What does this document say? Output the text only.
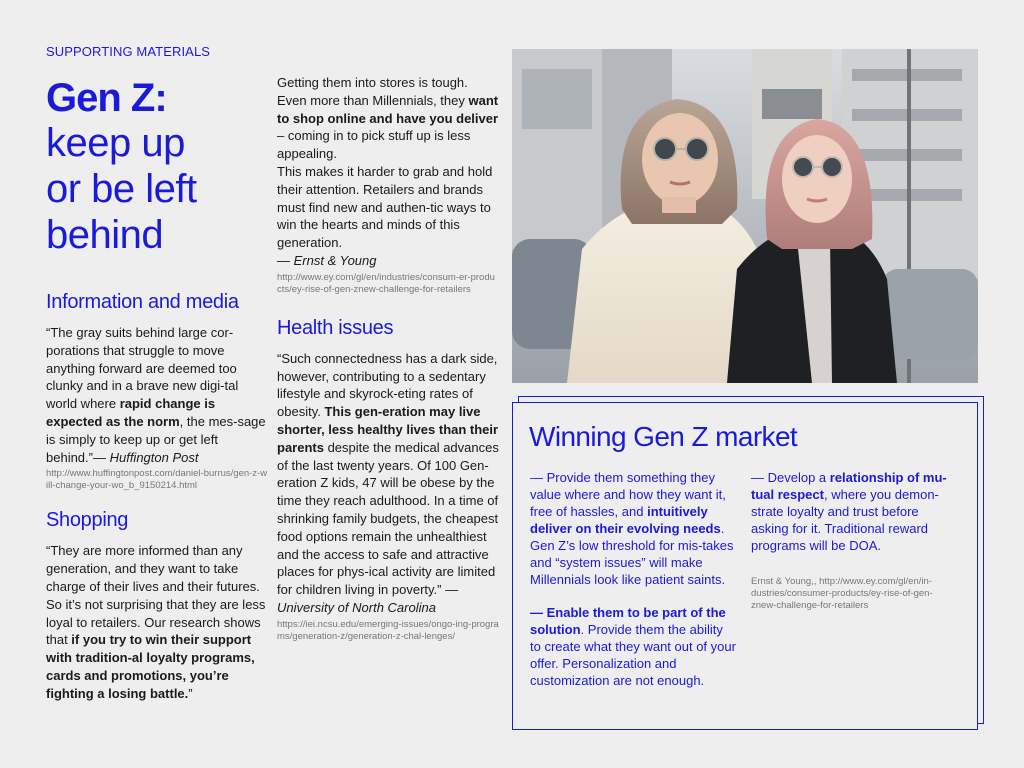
SUPPORTING MATERIALS
Gen Z:
keep up
or be left
behind
Information and media

“The gray suits behind large cor-porations that struggle to move anything forward are deemed too clunky and in a brave new digi-tal world where rapid change is expected as the norm, the mes-sage is simply to keep up or get left behind.”— Huffington Post

http://www.huffingtonpost.com/daniel-burrus/gen-z-will-change-your-wo_b_9150214.html
Shopping

“They are more informed than any generation, and they want to take charge of their lives and their futures. So it’s not surprising that they are less loyal to retailers. Our research shows that if you try to win their support with tradition-al loyalty programs, cards and promotions, you’re fighting a losing battle.”

Getting them into stores is tough. Even more than Millennials, they want to shop online and have you deliver – coming in to pick stuff up is less appealing.

This makes it harder to grab and hold their attention. Retailers and brands must find new and authen-tic ways to win the hearts and minds of this generation.

— Ernst & Young

http://www.ey.com/gl/en/industries/consum-er-products/ey-rise-of-gen-znew-challenge-for-retailers
Health issues

“Such connectedness has a dark side, however, contributing to a sedentary lifestyle and skyrock-eting rates of obesity. This gen-eration may live shorter, less healthy lives than their parents despite the medical advances of the last twenty years. Of 100 Gen-eration Z kids, 47 will be obese by the time they reach adulthood. In a time of shrinking family budgets, the cheapest food options remain the unhealthiest and the access to safe and attractive places for phys-ical activity are limited for children living in poverty.” — University of North Carolina

https://iei.ncsu.edu/emerging-issues/ongo-ing-programs/generation-z/generation-z-chal-lenges/
Winning Gen Z market

— Provide them something they value where and how they want it, free of hassles, and intuitively deliver on their evolving needs. Gen Z’s low threshold for mis-takes and “system issues” will make Millennials look like patient saints.

— Enable them to be part of the solution. Provide them the ability to create what they want out of your offer. Personalization and customization are not enough.

— Develop a relationship of mu-tual respect, where you demon-strate loyalty and trust before asking for it. Traditional reward programs will be DOA.

Ernst & Young,, http://www.ey.com/gl/en/in-dustries/consumer-products/ey-rise-of-gen-znew-challenge-for-retailers
